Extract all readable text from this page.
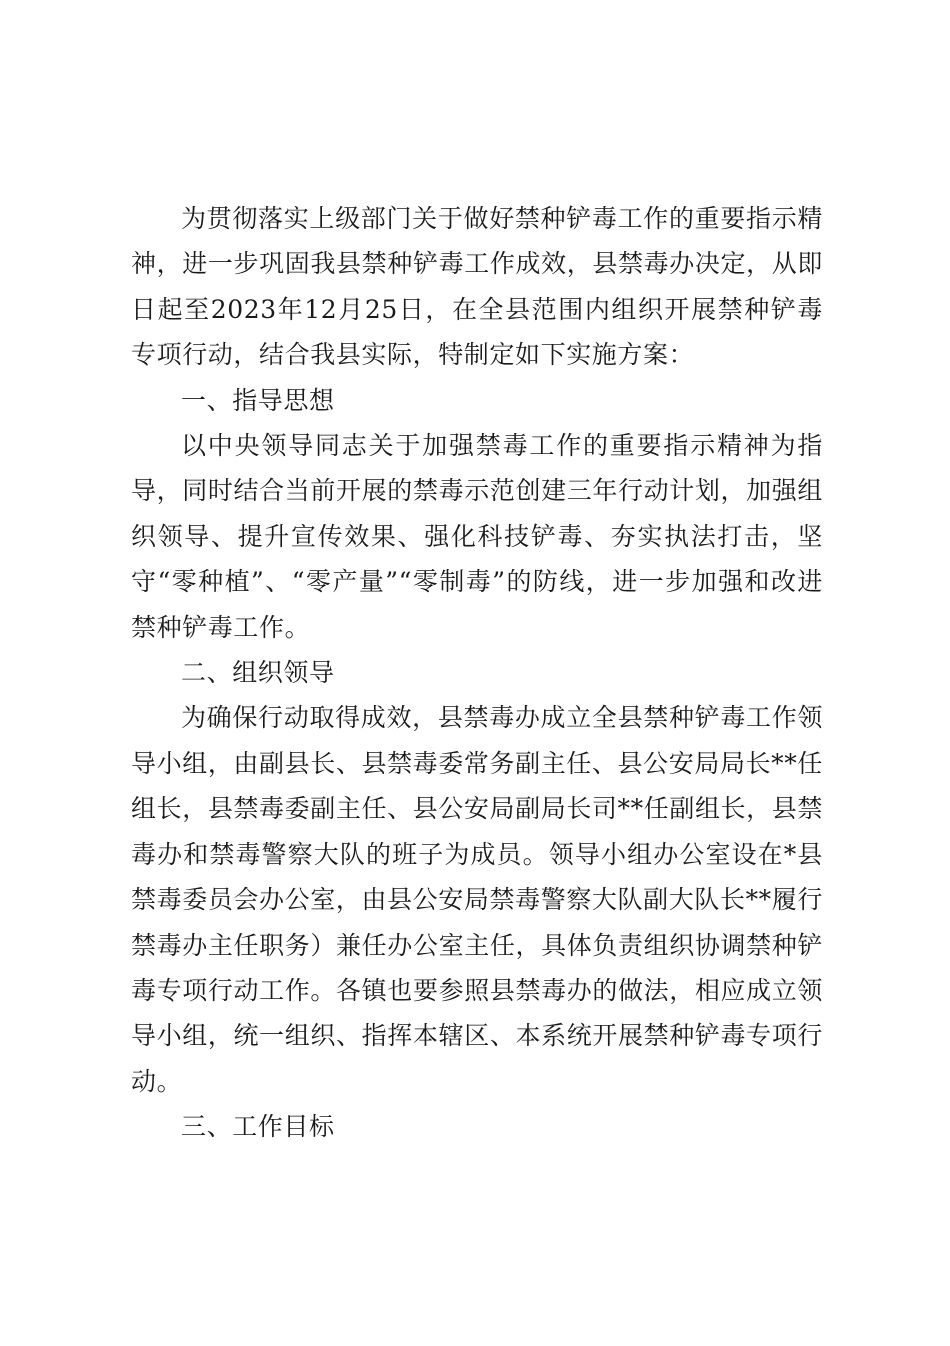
为贯彻落实上级部门关于做好禁种铲毒工作的重要指示精神，进一步巩固我县禁种铲毒工作成效，县禁毒办决定，从即日起至2023年12月25日，在全县范围内组织开展禁种铲毒专项行动，结合我县实际，特制定如下实施方案：

一、指导思想

以中央领导同志关于加强禁毒工作的重要指示精神为指导，同时结合当前开展的禁毒示范创建三年行动计划，加强组织领导、提升宣传效果、强化科技铲毒、夯实执法打击，坚守“零种植”、“零产量”“零制毒”的防线，进一步加强和改进禁种铲毒工作。

二、组织领导

为确保行动取得成效，县禁毒办成立全县禁种铲毒工作领导小组，由副县长、县禁毒委常务副主任、县公安局局长**任组长，县禁毒委副主任、县公安局副局长司**任副组长，县禁毒办和禁毒警察大队的班子为成员。领导小组办公室设在*县禁毒委员会办公室，由县公安局禁毒警察大队副大队长**履行禁毒办主任职务）兼任办公室主任，具体负责组织协调禁种铲毒专项行动工作。各镇也要参照县禁毒办的做法，相应成立领导小组，统一组织、指挥本辖区、本系统开展禁种铲毒专项行动。

三、工作目标
